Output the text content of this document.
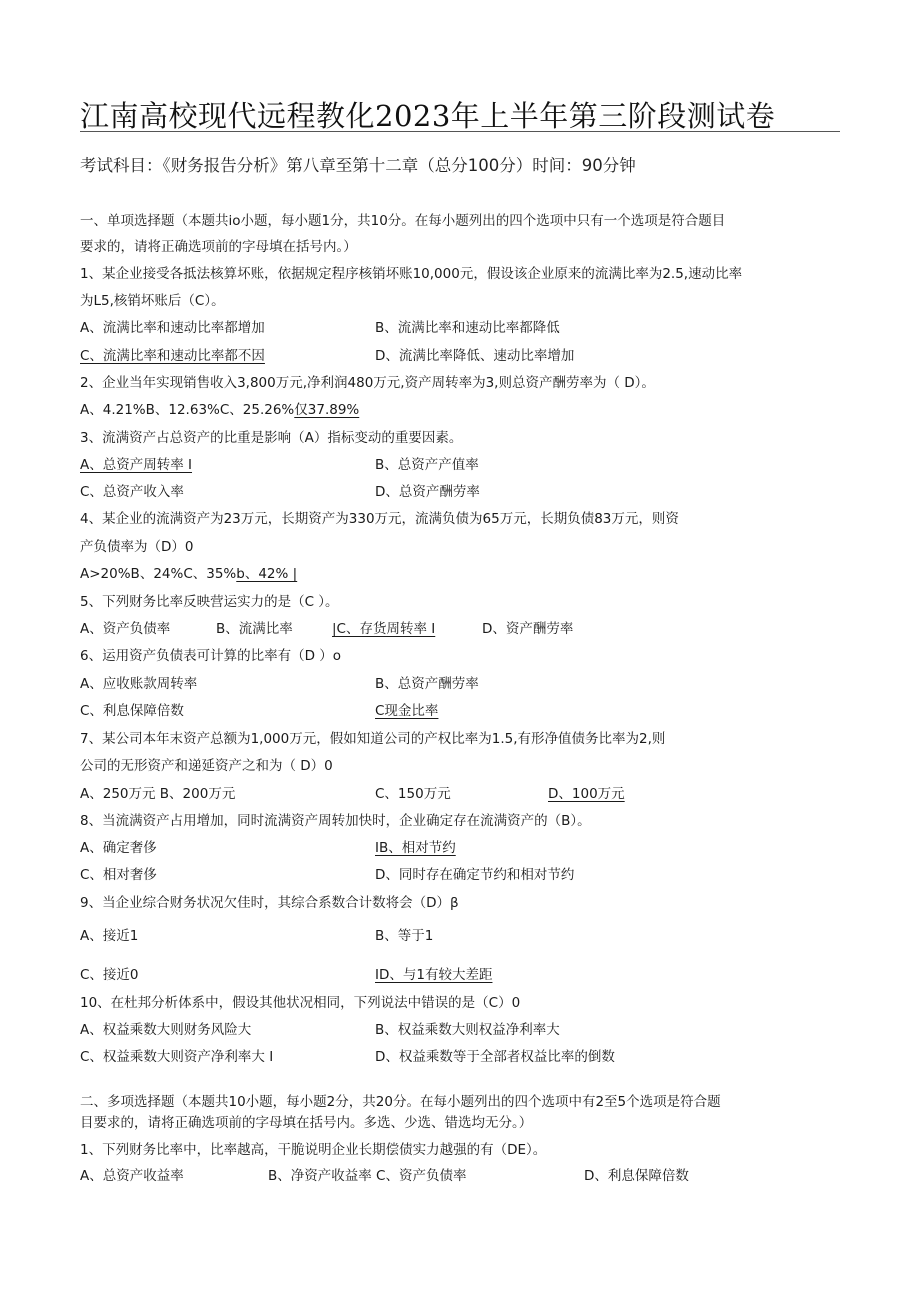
江南高校现代远程教化2023年上半年第三阶段测试卷
考试科目：《财务报告分析》第八章至第十二章（总分100分）时间：90分钟
一、单项选择题（本题共io小题，每小题1分，共10分。在每小题列出的四个选项中只有一个选项是符合题目
要求的，请将正确选项前的字母填在括号内。）
1、某企业接受各抵法核算坏账，依据规定程序核销坏账10,000元，假设该企业原来的流满比率为2.5,速动比率
为L5,核销坏账后（C）。
A、流满比率和速动比率都增加	B、流满比率和速动比率都降低
C、流满比率和速动比率都不因	D、流满比率降低、速动比率增加
2、企业当年实现销售收入3,800万元,净利润480万元,资产周转率为3,则总资产酬劳率为（ D）。
A、4.21%B、12.63%C、25.26%仅37.89%
3、流满资产占总资产的比重是影响（A）指标变动的重要因素。
A、总资产周转率 I	B、总资产产值率
C、总资产收入率	D、总资产酬劳率
4、某企业的流满资产为23万元，长期资产为330万元，流满负债为65万元，长期负债83万元，则资
产负债率为（D）0
A>20%B、24%C、35%b、42% |
5、下列财务比率反映营运实力的是（C ）。
A、资产负债率	B、流满比率	|C、存货周转率 I	D、资产酬劳率
6、运用资产负债表可计算的比率有（D ）o
A、应收账款周转率	B、总资产酬劳率
C、利息保障倍数	C现金比率
7、某公司本年末资产总额为1,000万元，假如知道公司的产权比率为1.5,有形净值债务比率为2,则
公司的无形资产和递延资产之和为（ D）0
A、250万元 B、200万元	C、150万元	D、100万元
8、当流满资产占用增加，同时流满资产周转加快时，企业确定存在流满资产的（B）。
A、确定奢侈	IB、相对节约
C、相对奢侈	D、同时存在确定节约和相对节约
9、当企业综合财务状况欠佳时，其综合系数合计数将会（D）β
A、接近1	B、等于1
C、接近0	ID、与1有较大差距
10、在杜邦分析体系中，假设其他状况相同，下列说法中错误的是（C）0
A、权益乘数大则财务风险大	B、权益乘数大则权益净利率大
C、权益乘数大则资产净利率大 I	D、权益乘数等于全部者权益比率的倒数
二、多项选择题（本题共10小题，每小题2分，共20分。在每小题列出的四个选项中有2至5个选项是符合题
目要求的，请将正确选项前的字母填在括号内。多选、少选、错选均无分。）
1、下列财务比率中，比率越高，干脆说明企业长期偿债实力越强的有（DE）。
A、总资产收益率	B、净资产收益率 C、资产负债率	D、利息保障倍数
